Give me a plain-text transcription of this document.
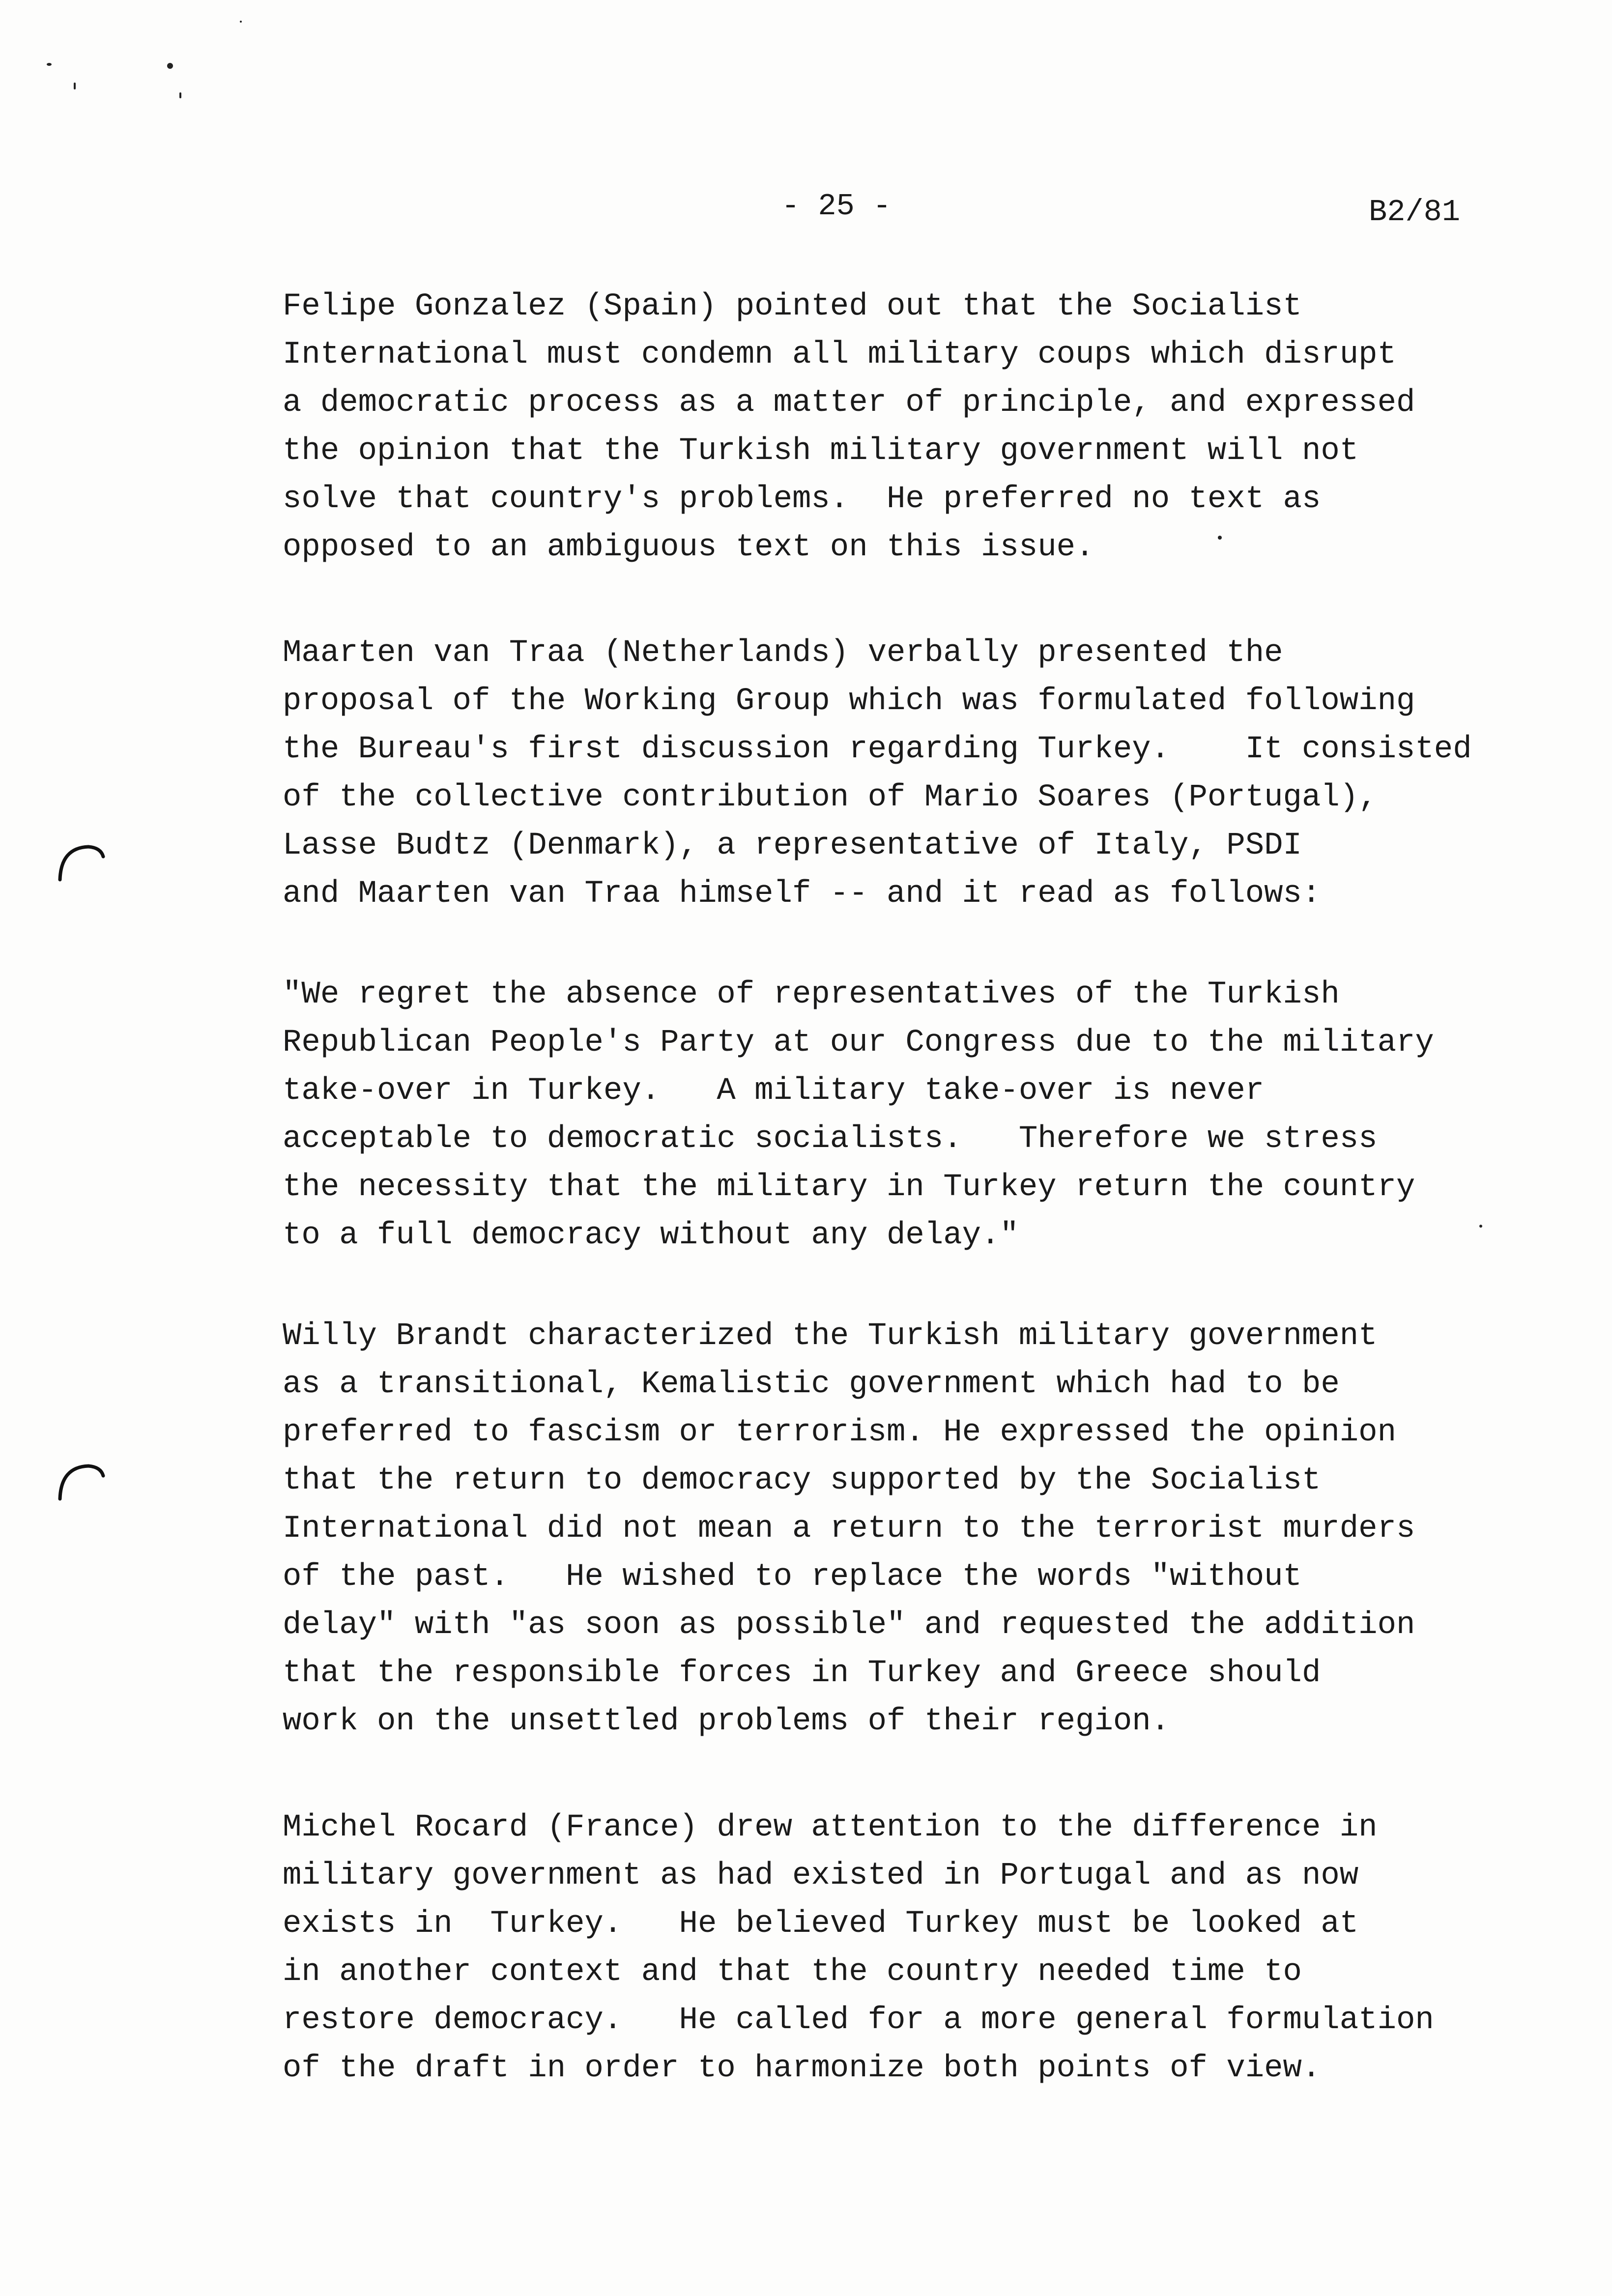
- 25 -	B2/81
Felipe Gonzalez (Spain) pointed out that the Socialist
International must condemn all military coups which disrupt
a democratic process as a matter of principle, and expressed
the opinion that the Turkish military government will not
solve that country's problems.  He preferred no text as
opposed to an ambiguous text on this issue.
Maarten van Traa (Netherlands) verbally presented the
proposal of the Working Group which was formulated following
the Bureau's first discussion regarding Turkey.    It consisted
of the collective contribution of Mario Soares (Portugal),
Lasse Budtz (Denmark), a representative of Italy, PSDI
and Maarten van Traa himself -- and it read as follows:
"We regret the absence of representatives of the Turkish
Republican People's Party at our Congress due to the military
take-over in Turkey.   A military take-over is never
acceptable to democratic socialists.   Therefore we stress
the necessity that the military in Turkey return the country
to a full democracy without any delay."
Willy Brandt characterized the Turkish military government
as a transitional, Kemalistic government which had to be
preferred to fascism or terrorism. He expressed the opinion
that the return to democracy supported by the Socialist
International did not mean a return to the terrorist murders
of the past.   He wished to replace the words "without
delay" with "as soon as possible" and requested the addition
that the responsible forces in Turkey and Greece should
work on the unsettled problems of their region.
Michel Rocard (France) drew attention to the difference in
military government as had existed in Portugal and as now
exists in  Turkey.   He believed Turkey must be looked at
in another context and that the country needed time to
restore democracy.   He called for a more general formulation
of the draft in order to harmonize both points of view.
